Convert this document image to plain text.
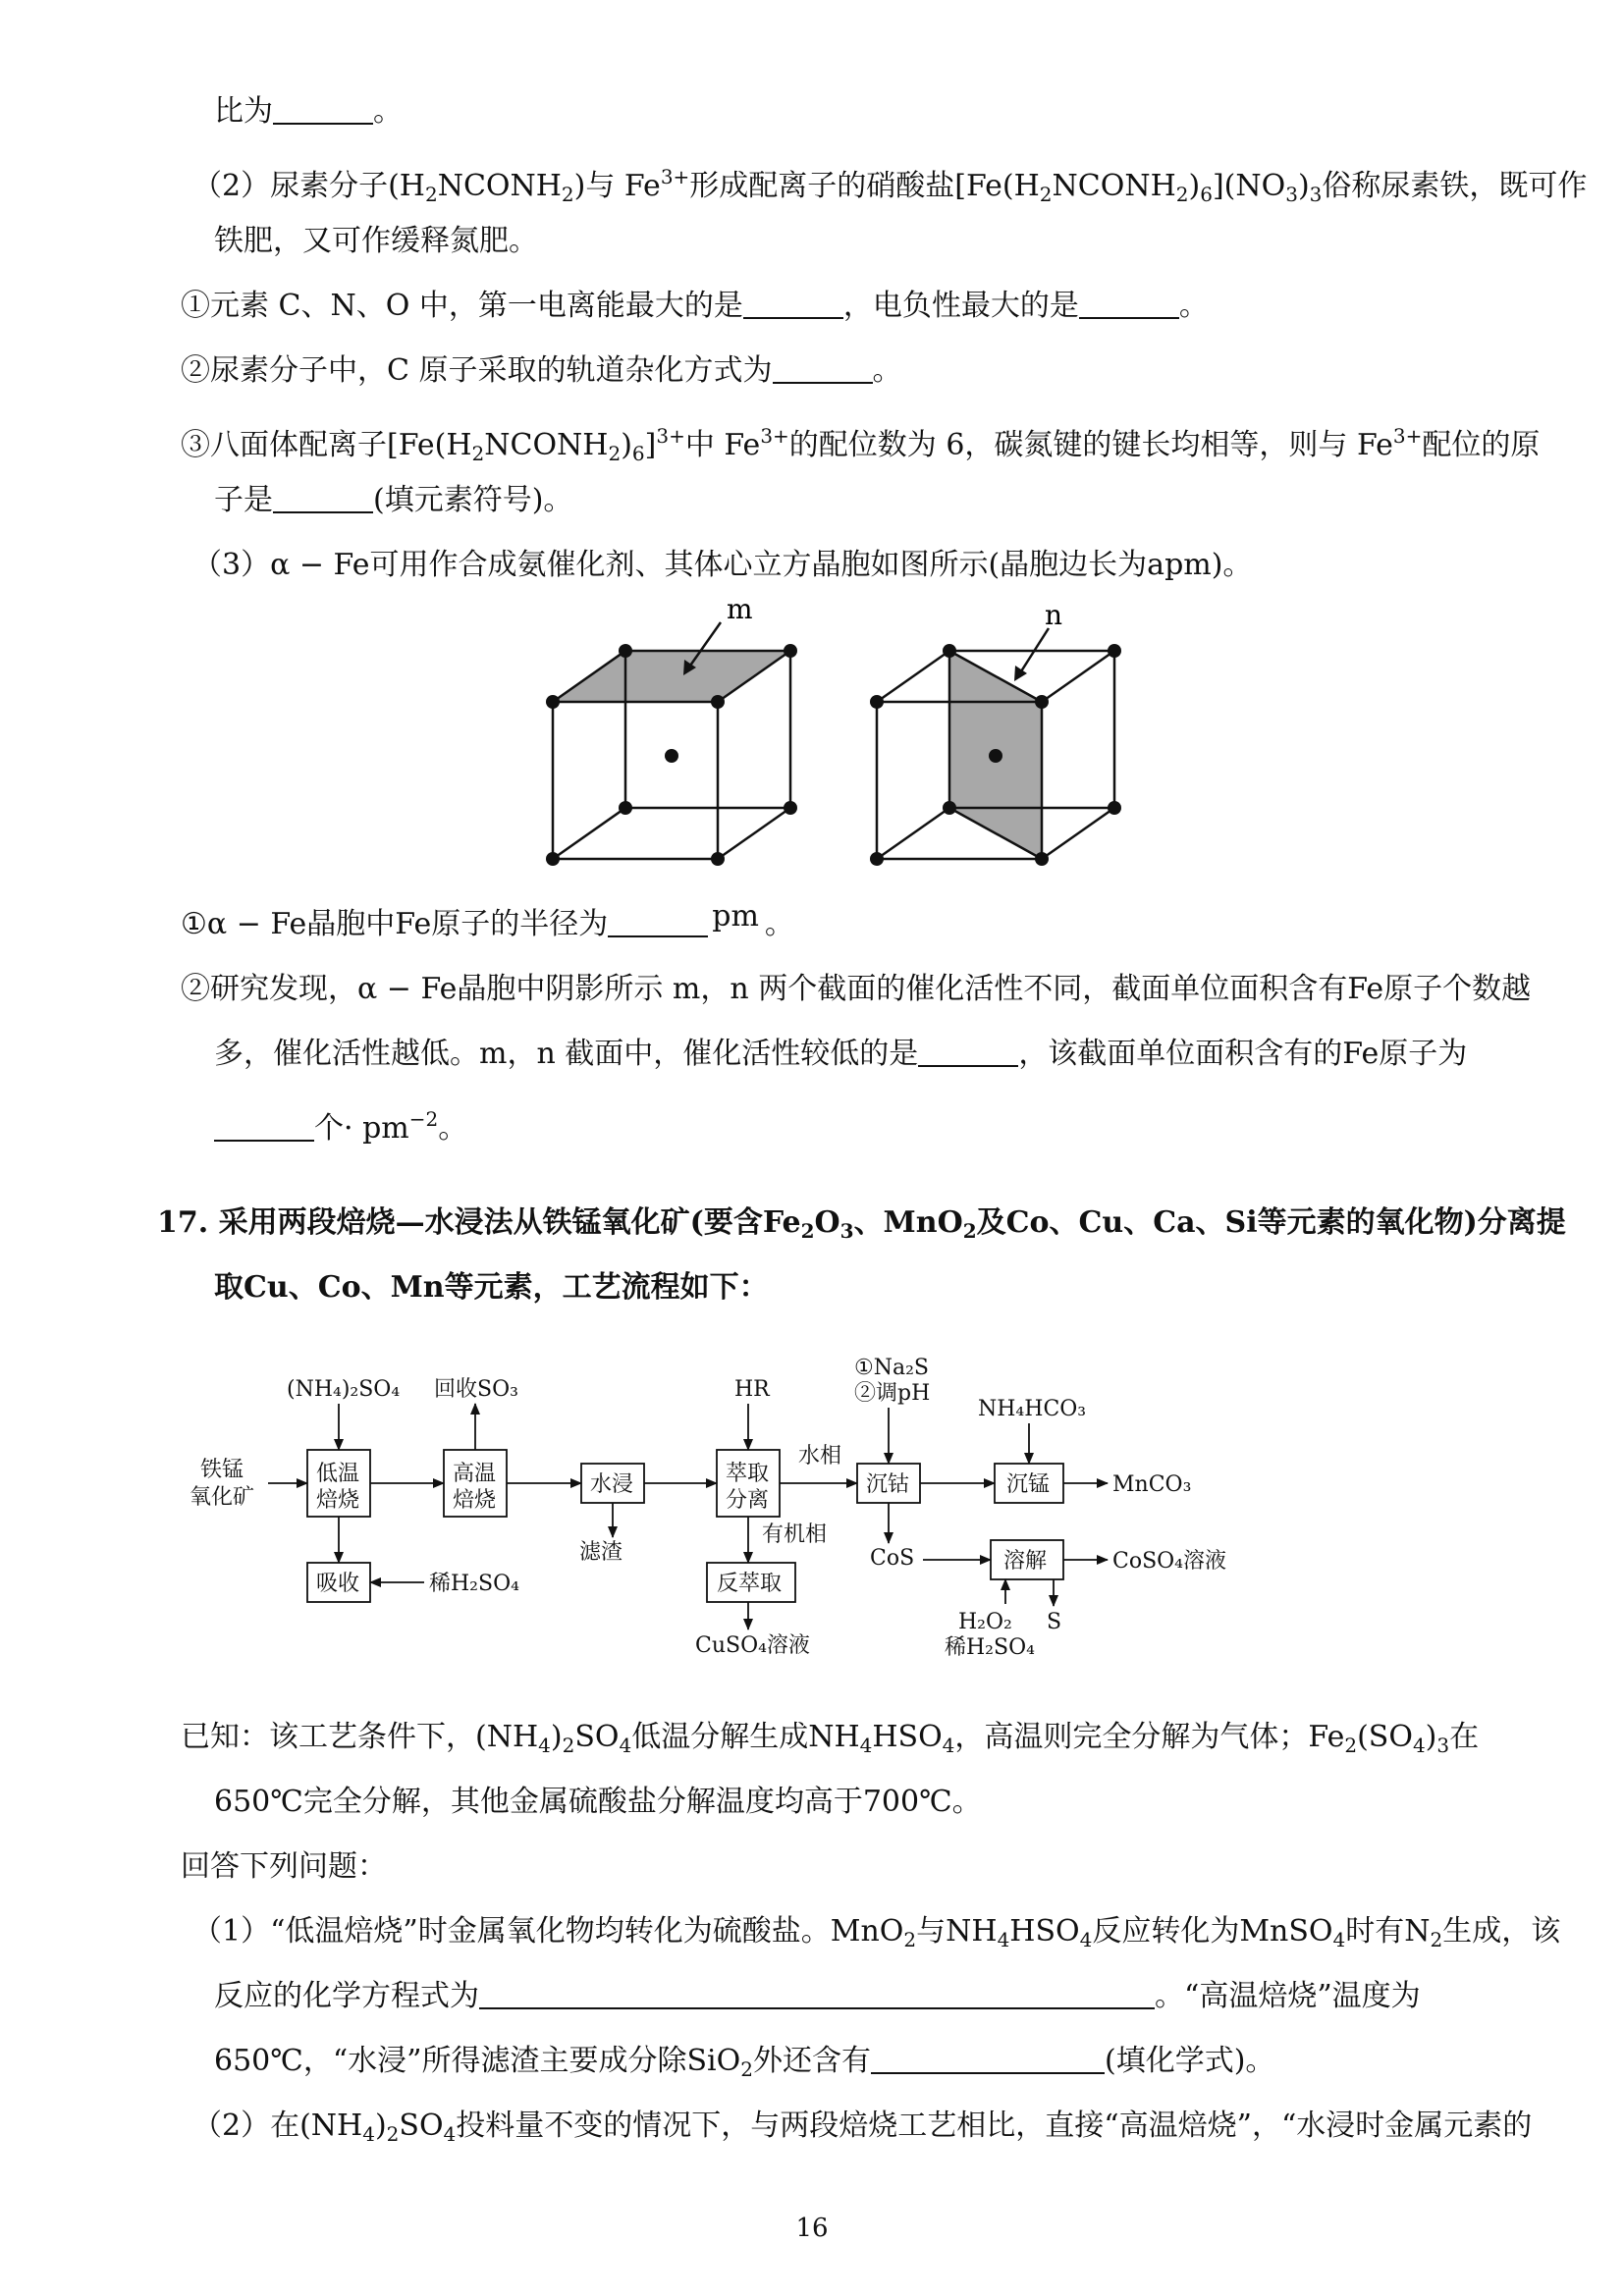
比为	。
（2）尿素分子$(H_2NCONH_2)$与 $Fe^{3+}$形成配离子的硝酸盐$[Fe(H_2NCONH_2)_6](NO_3)_3$俗称尿素铁，既可作
铁肥，又可作缓释氮肥。
①元素 C、N、O 中，第一电离能最大的是	，电负性最大的是	。
②尿素分子中，C 原子采取的轨道杂化方式为	。
③八面体配离子$[Fe(H_2NCONH_2)_6]^{3+}$中 $Fe^{3+}$的配位数为 6，碳氮键的键长均相等，则与 $Fe^{3+}$配位的原
子是	(填元素符号)。
（3）α − Fe可用作合成氨催化剂、其体心立方晶胞如图所示(晶胞边长为apm)。
m	n
①α − Fe晶胞中Fe原子的半径为	pm 。
②研究发现，α − Fe晶胞中阴影所示 m，n 两个截面的催化活性不同，截面单位面积含有Fe原子个数越
多，催化活性越低。m，n 截面中，催化活性较低的是	，该截面单位面积含有的Fe原子为
个· $pm^{-2}$。
17. 采用两段焙烧—水浸法从铁锰氧化矿(要含$Fe_2O_3$、MnO$_2$及Co、Cu、Ca、Si等元素的氧化物)分离提
取Cu、Co、Mn等元素，工艺流程如下：
铁锰
氧化矿
低温
焙烧
高温
焙烧
水浸	萃取
分离
沉钴	沉锰
吸收	反萃取
溶解
(NH₄)₂SO₄ 回收SO₃	HR
①Na₂S
②调pH
NH₄HCO₃
水相
MnCO₃
滤渣
有机相
CoS	CoSO₄溶液
稀H₂SO₄
CuSO₄溶液
H₂O₂
稀H₂SO₄
S
已知：该工艺条件下，$(NH_4)_2SO_4$低温分解生成$NH_4HSO_4$，高温则完全分解为气体；$Fe_2(SO_4)_3$在
650℃完全分解，其他金属硫酸盐分解温度均高于700℃。
回答下列问题：
（1）“低温焙烧”时金属氧化物均转化为硫酸盐。MnO$_2$与$NH_4HSO_4$反应转化为MnSO$_4$时有$N_2$生成，该
反应的化学方程式为	。“高温焙烧”温度为
650℃，“水浸”所得滤渣主要成分除SiO$_2$外还含有	(填化学式)。
（2）在$(NH_4)_2SO_4$投料量不变的情况下，与两段焙烧工艺相比，直接“高温焙烧”，“水浸时金属元素的
16
